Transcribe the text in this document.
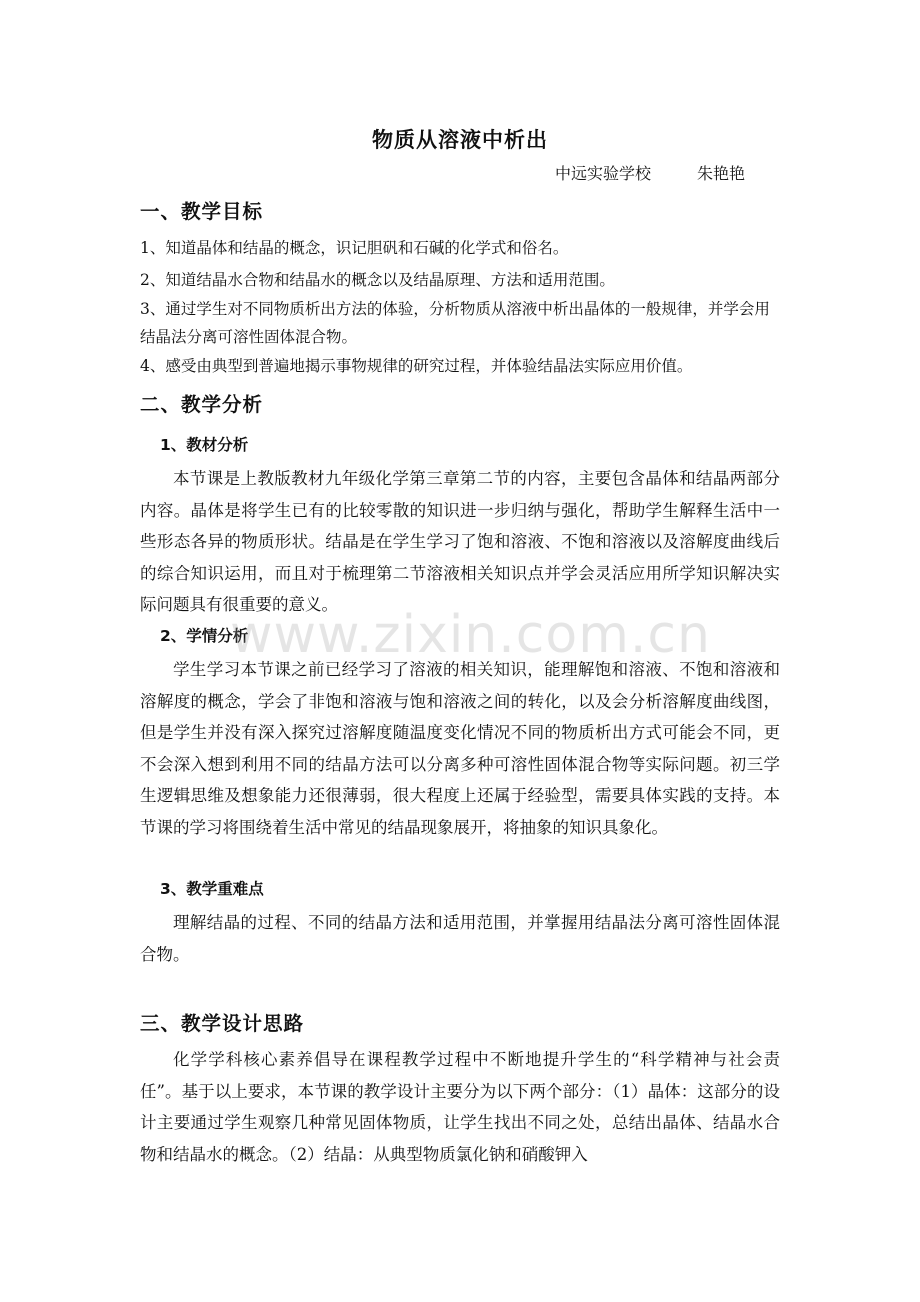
物质从溶液中析出
中远实验学校	朱艳艳
一、教学目标
1、知道晶体和结晶的概念，识记胆矾和石碱的化学式和俗名。
2、知道结晶水合物和结晶水的概念以及结晶原理、方法和适用范围。
3、通过学生对不同物质析出方法的体验，分析物质从溶液中析出晶体的一般规律，并学会用结晶法分离可溶性固体混合物。
4、感受由典型到普遍地揭示事物规律的研究过程，并体验结晶法实际应用价值。
二、教学分析
1、教材分析
本节课是上教版教材九年级化学第三章第二节的内容，主要包含晶体和结晶两部分内容。晶体是将学生已有的比较零散的知识进一步归纳与强化，帮助学生解释生活中一些形态各异的物质形状。结晶是在学生学习了饱和溶液、不饱和溶液以及溶解度曲线后的综合知识运用，而且对于梳理第二节溶液相关知识点并学会灵活应用所学知识解决实际问题具有很重要的意义。
2、学情分析
学生学习本节课之前已经学习了溶液的相关知识，能理解饱和溶液、不饱和溶液和溶解度的概念，学会了非饱和溶液与饱和溶液之间的转化，以及会分析溶解度曲线图，但是学生并没有深入探究过溶解度随温度变化情况不同的物质析出方式可能会不同，更不会深入想到利用不同的结晶方法可以分离多种可溶性固体混合物等实际问题。初三学生逻辑思维及想象能力还很薄弱，很大程度上还属于经验型，需要具体实践的支持。本节课的学习将围绕着生活中常见的结晶现象展开，将抽象的知识具象化。
3、教学重难点
理解结晶的过程、不同的结晶方法和适用范围，并掌握用结晶法分离可溶性固体混合物。
三、教学设计思路
化学学科核心素养倡导在课程教学过程中不断地提升学生的“科学精神与社会责任”。基于以上要求，本节课的教学设计主要分为以下两个部分：（1）晶体：这部分的设计主要通过学生观察几种常见固体物质，让学生找出不同之处，总结出晶体、结晶水合物和结晶水的概念。（2）结晶：从典型物质氯化钠和硝酸钾入
www.zixin.com.cn
